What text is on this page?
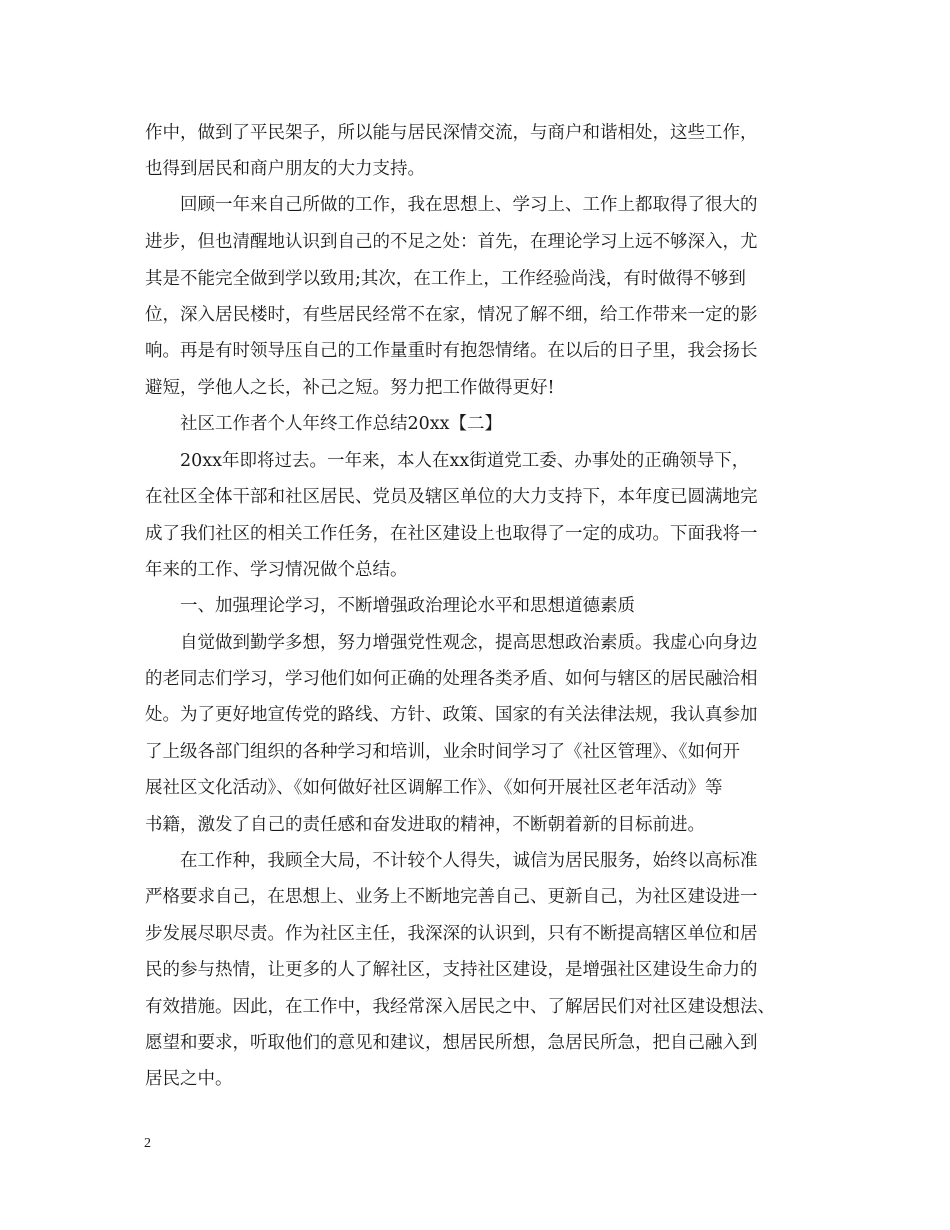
作中，做到了平民架子，所以能与居民深情交流，与商户和谐相处，这些工作，
也得到居民和商户朋友的大力支持。
　　回顾一年来自己所做的工作，我在思想上、学习上、工作上都取得了很大的
进步，但也清醒地认识到自己的不足之处：首先，在理论学习上远不够深入，尤
其是不能完全做到学以致用;其次，在工作上，工作经验尚浅，有时做得不够到
位，深入居民楼时，有些居民经常不在家，情况了解不细，给工作带来一定的影
响。再是有时领导压自己的工作量重时有抱怨情绪。在以后的日子里，我会扬长
避短，学他人之长，补己之短。努力把工作做得更好!
　　社区工作者个人年终工作总结20xx【二】
　　20xx年即将过去。一年来，本人在xx街道党工委、办事处的正确领导下，
在社区全体干部和社区居民、党员及辖区单位的大力支持下，本年度已圆满地完
成了我们社区的相关工作任务，在社区建设上也取得了一定的成功。下面我将一
年来的工作、学习情况做个总结。
　　一、加强理论学习，不断增强政治理论水平和思想道德素质
　　自觉做到勤学多想，努力增强党性观念，提高思想政治素质。我虚心向身边
的老同志们学习，学习他们如何正确的处理各类矛盾、如何与辖区的居民融洽相
处。为了更好地宣传党的路线、方针、政策、国家的有关法律法规，我认真参加
了上级各部门组织的各种学习和培训，业余时间学习了《社区管理》、《如何开
展社区文化活动》、《如何做好社区调解工作》、《如何开展社区老年活动》等
书籍，激发了自己的责任感和奋发进取的精神，不断朝着新的目标前进。
　　在工作种，我顾全大局，不计较个人得失，诚信为居民服务，始终以高标准
严格要求自己，在思想上、业务上不断地完善自己、更新自己，为社区建设进一
步发展尽职尽责。作为社区主任，我深深的认识到，只有不断提高辖区单位和居
民的参与热情，让更多的人了解社区，支持社区建设，是增强社区建设生命力的
有效措施。因此，在工作中，我经常深入居民之中、了解居民们对社区建设想法、
愿望和要求，听取他们的意见和建议，想居民所想，急居民所急，把自己融入到
居民之中。
2
